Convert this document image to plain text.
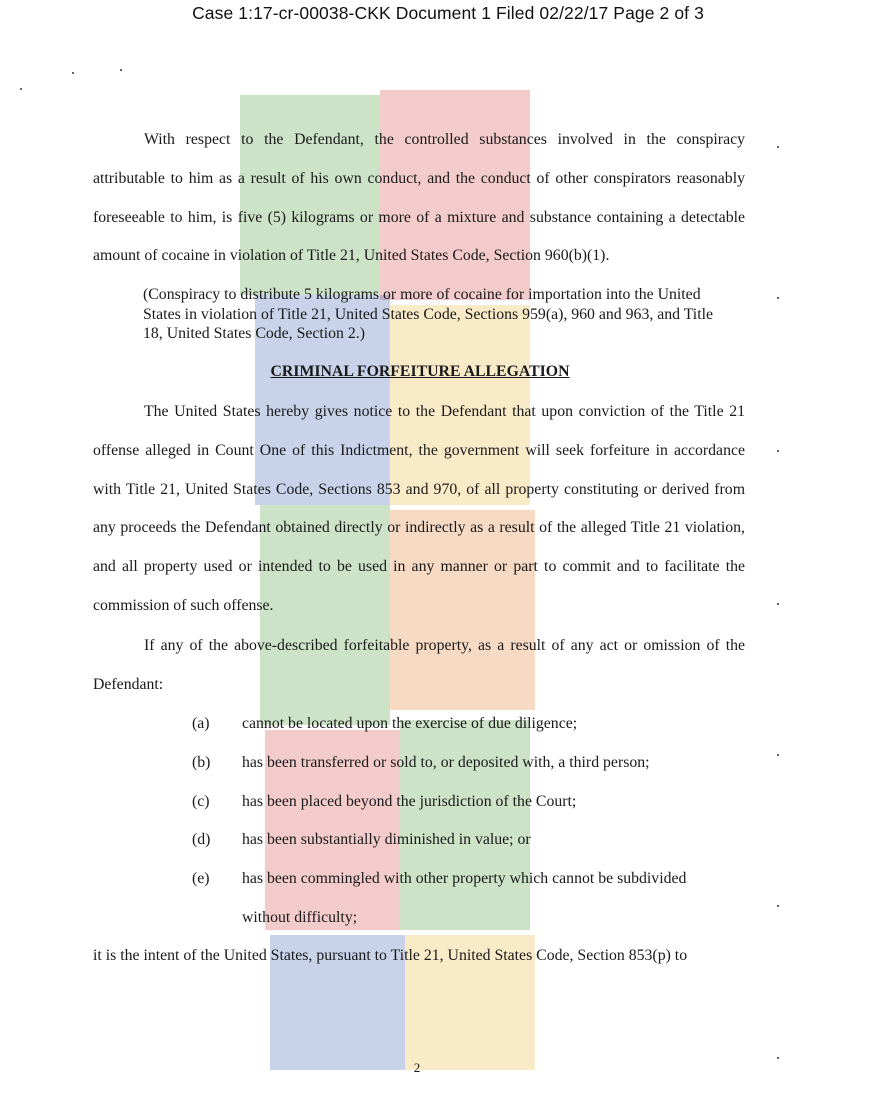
Case 1:17-cr-00038-CKK Document 1 Filed 02/22/17 Page 2 of 3
With respect to the Defendant, the controlled substances involved in the conspiracy attributable to him as a result of his own conduct, and the conduct of other conspirators reasonably foreseeable to him, is five (5) kilograms or more of a mixture and substance containing a detectable amount of cocaine in violation of Title 21, United States Code, Section 960(b)(1).
(Conspiracy to distribute 5 kilograms or more of cocaine for importation into the United States in violation of Title 21, United States Code, Sections 959(a), 960 and 963, and Title 18, United States Code, Section 2.)
CRIMINAL FORFEITURE ALLEGATION
The United States hereby gives notice to the Defendant that upon conviction of the Title 21 offense alleged in Count One of this Indictment, the government will seek forfeiture in accordance with Title 21, United States Code, Sections 853 and 970, of all property constituting or derived from any proceeds the Defendant obtained directly or indirectly as a result of the alleged Title 21 violation, and all property used or intended to be used in any manner or part to commit and to facilitate the commission of such offense.
If any of the above-described forfeitable property, as a result of any act or omission of the Defendant:
(a)	cannot be located upon the exercise of due diligence;
(b)	has been transferred or sold to, or deposited with, a third person;
(c)	has been placed beyond the jurisdiction of the Court;
(d)	has been substantially diminished in value; or
(e)	has been commingled with other property which cannot be subdivided without difficulty;
it is the intent of the United States, pursuant to Title 21, United States Code, Section 853(p) to
2
